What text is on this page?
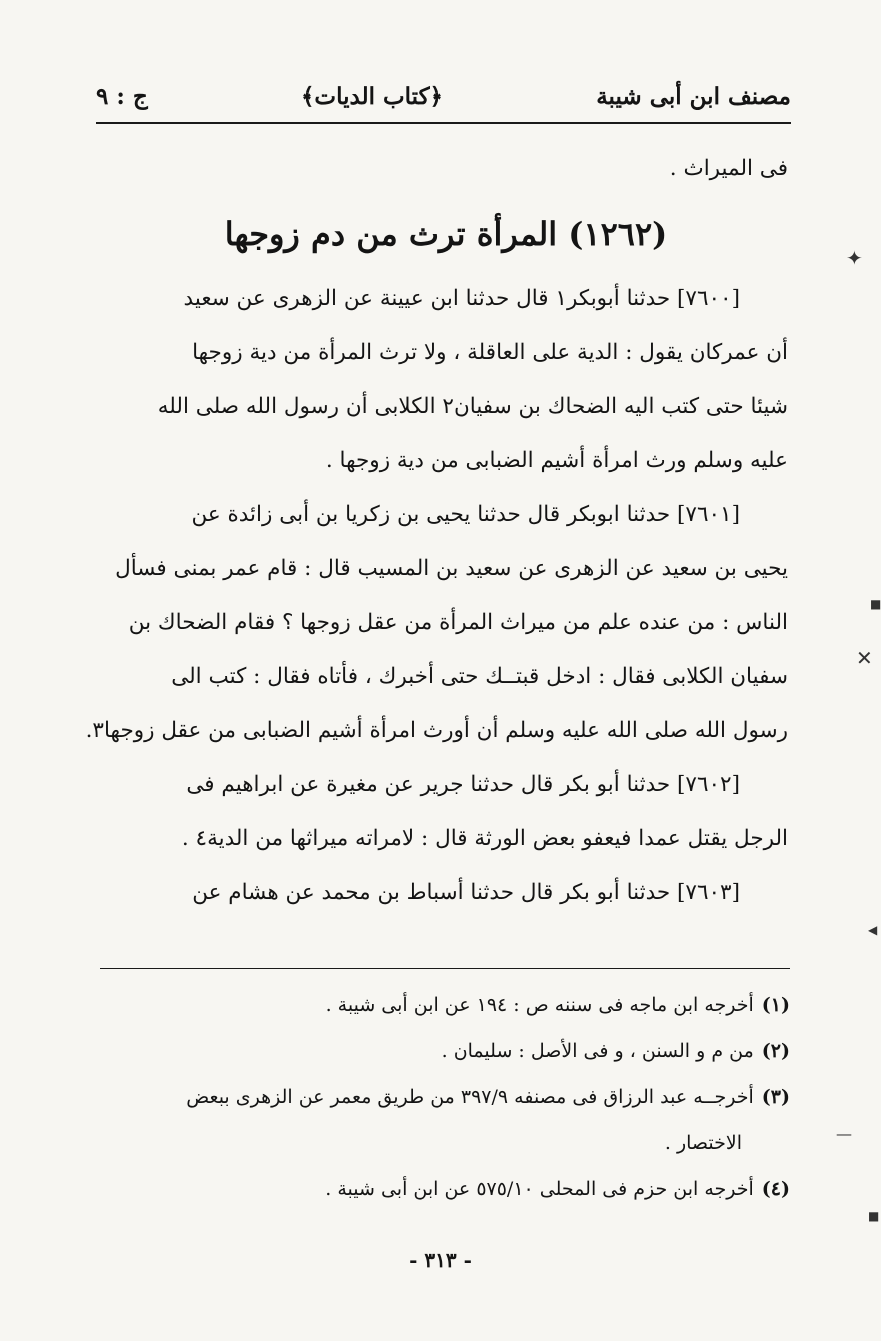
مصنف ابن أبى شيبة
﴿كتاب الديات﴾
ج : ٩
فى الميراث .
(١٢٦٢) المرأة ترث من دم زوجها
[٧٦٠٠] حدثنا أبوبكر١ قال حدثنا ابن عيينة عن الزهرى عن سعيد
أن عمركان يقول : الدية على العاقلة ، ولا ترث المرأة من دية زوجها
شيئا حتى كتب اليه الضحاك بن سفيان٢ الكلابى أن رسول الله صلى الله
عليه وسلم ورث امرأة أشيم الضبابى من دية زوجها .
[٧٦٠١] حدثنا ابوبكر قال حدثنا يحيى بن زكريا بن أبى زائدة عن
يحيى بن سعيد عن الزهرى عن سعيد بن المسيب قال : قام عمر بمنى فسأل
الناس : من عنده علم من ميراث المرأة من عقل زوجها ؟ فقام الضحاك بن
سفيان الكلابى فقال : ادخل قبتــك حتى أخبرك ، فأتاه فقال : كتب الى
رسول الله صلى الله عليه وسلم أن أورث امرأة أشيم الضبابى من عقل زوجها٣.
[٧٦٠٢] حدثنا أبو بكر قال حدثنا جرير عن مغيرة عن ابراهيم فى
الرجل يقتل عمدا فيعفو بعض الورثة قال : لامراته ميراثها من الدية٤ .
[٧٦٠٣] حدثنا أبو بكر قال حدثنا أسباط بن محمد عن هشام عن
(١)
أخرجه ابن ماجه فى سننه ص : ١٩٤ عن ابن أبى شيبة .
(٢)
من م و السنن ، و فى الأصل : سليمان .
(٣)
أخرجــه عبد الرزاق فى مصنفه ٣٩٧/٩ من طريق معمر عن الزهرى ببعض
الاختصار .
(٤)
أخرجه ابن حزم فى المحلى ٥٧٥/١٠ عن ابن أبى شيبة .
- ٣١٣ -
✦
■
✕
◀
—
■
